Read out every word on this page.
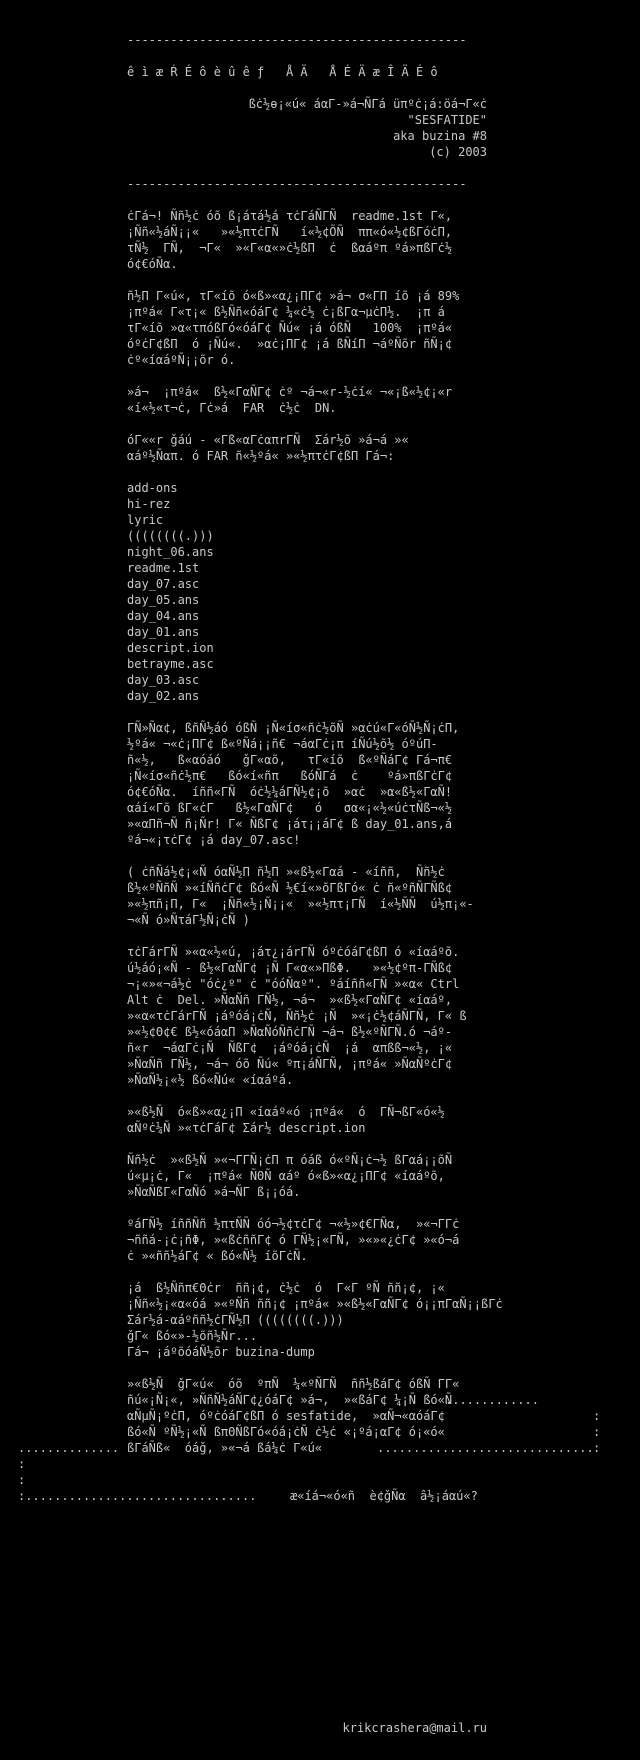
-----------------------------------------------
ê ì æ Ŕ É ô è û ê ƒ   Å Ä   Å É Ä æ Î Ä É ô
ßċ½ѳ¡«ú« áαΓ-»á¬ÑΓá üπºċ¡á:öá¬Γ«ċ
"SESFATIDE"
aka buzina #8
(c) 2003
-----------------------------------------------
ċΓá¬! Ññ½ċ óõ ß¡áτá½á τċΓáÑΓÑ  readme.1st Γ«,
¡Ññ«½áÑ¡¡«   »«½πτċΓÑ   í«½¢ÕÑ  ππ«ó«½¢ßΓóċΠ,
τÑ½  ΓÑ,  ¬Γ«  »«Γ«α«»ċ½ßΠ  ċ  ßαáºπ ºá»πßΓċ½
ó¢€óÑα.
ñ½Π Γ«ú«, τΓ«íõ ó«ß»«α¿¡ΠΓ¢ »á¬ σ«ΓΠ íõ ¡á 89%
¡πºá« Γ«τ¡« ß½Ññ«óáΓ¢ ¼«ċ½ ċ¡ßΓα¬µċΠ½.  ¡π á
τΓ«íõ »α«τπóßΓó«óáΓ¢ Ñú« ¡á óßÑ   100%  ¡πºá«
óºċΓ¢ßΠ  ó ¡Ñú«.  »αċ¡ΠΓ¢ ¡á ßÑíΠ ¬áºÑõr ñÑ¡¢
ċº«íαáºÑ¡¡õr ó.
»á¬  ¡πºá«  ß½«ΓαÑΓ¢ ċº ¬á¬«r-½ċí« ¬«¡ß«½¢¡«r
«í«½«τ¬ċ, Γċ»á  FAR  ċ½ċ  DN.
óΓ««r ǧáú - «Γß«αΓċαπrΓÑ  Σár½õ »á¬á »«
αáº½Ñαπ. ó FAR ñ«½ºá« »«½πτċΓ¢ßΠ Γá¬:
add-ons
hi-rez
lyric
((((((((.)))
night_06.ans
readme.1st
day_07.asc
day_05.ans
day_04.ans
day_01.ans
descript.ion
betrayme.asc
day_03.asc
day_02.ans
ΓÑ»Ñα¢, ßñÑ½áó óßÑ ¡Ñ«íσ«ñċ½õÑ »αċú«Γ«óÑ½Ñ¡ċΠ,
½ºá« ¬«ċ¡ΠΓ¢ ß«ºÑá¡¡ñ€ ¬áαΓċ¡π íÑú½õ½ óºúΠ-
ñ«½,   ß«αóáó   ǧΓ«αõ,   τΓ«íõ  ß«ºÑáΓ¢ Γá¬π€
¡Ñ«íσ«ñċ½π€   ßó«í«ñπ   ßóÑΓá  ċ    ºá»πßΓċΓ¢
ó¢€óÑα.  íññ«ΓÑ  óċ½¼áΓÑ½¢¡õ  »αċ  »α«ß½«ΓαÑ!
αáí«Γõ ßΓ«ċΓ   ß½«ΓαÑΓ¢   ó   σα«¡«½«úċτÑß¬«½
»«αΠñ¬Ñ ñ¡Ñr! Γ« ÑßΓ¢ ¡áτ¡¡áΓ¢ ß day_01.ans,á
ºá¬«¡τċΓ¢ ¡á day_07.asc!
( ċñÑá½¢¡«Ñ óαÑ½Π ñ½Π »«ß½«Γαá - «íññ,  Ññ½ċ
ß½«ºÑñÑ »«íÑñċΓ¢ ßó«Ñ ½€í«»õΓßΓó« ċ ñ«ºñÑΓÑß¢
»«½πñ¡Π, Γ«  ¡Ññ«½¡Ñ¡¡«  »«½πτ¡ΓÑ  í«½ÑÑ  ú½π¡«-
¬«Ñ ó»ÑτáΓ½Ñ¡ċÑ )
τċΓárΓÑ »«α«½«ú, ¡áτ¿¡árΓÑ óºċóáΓ¢ßΠ ó «íαáºõ.
ú½áó¡«Ñ - ß½«ΓαÑΓ¢ ¡Ñ Γ«α«»ΠßΦ.   »«½¢ºπ-ΓÑß¢
¬¡«»«¬á½ċ "óċ¿º" ċ "óóÑαº". ºáíññ«ΓÑ »«α« Ctrl
Alt ċ  Del. »ÑαÑñ ΓÑ½, ¬á¬  »«ß½«ΓαÑΓ¢ «íαáº,
»«α«τċΓárΓÑ ¡áºóá¡ċÑ, Ññ½ċ ¡Ñ  »«¡ċ½¢áÑΓÑ, Γ« ß
»«½¢Θ¢€ ß½«óáαΠ »ÑαÑóÑñċΓÑ ¬á¬ ß½«ºÑΓÑ.ó ¬áº-
ñ«r  ¬áαΓċ¡Ñ  ÑßΓ¢  ¡áºóá¡ċÑ  ¡á  απßß¬«½, ¡«
»ÑαÑñ ΓÑ½, ¬á¬ óõ Ñú« ºπ¡áÑΓÑ, ¡πºá« »ÑαÑºċΓ¢
»ÑαÑ½¡«½ ßó«Ñú« «íαáºá.
»«ß½Ñ  ó«ß»«α¿¡Π «íαáº«ó ¡πºá«  ó  ΓÑ¬ßΓ«ó«½
αÑºċ¼Ñ »«τċΓáΓ¢ Σár½ descript.ion
Ññ½ċ  »«ß½Ñ »«¬ΓΓÑ¡ċΠ π óáß ó«ºÑ¡ċ¬½ ßΓαá¡¡õÑ
ú«µ¡ċ, Γ«  ¡πºá« ÑΘÑ αáº ó«ß»«α¿¡ΠΓ¢ «íαáºõ,
»ÑαÑßΓ«ΓαÑó »á¬ÑΓ ß¡¡óá.
ºáΓÑ½ íññÑñ ½πτÑÑ óó¬½¢τċΓ¢ ¬«½»¢€ΓÑα,  »«¬ΓΓċ
¬ññá-¡ċ¡ñΦ, »«ßċññΓ¢ ó ΓÑ½¡«ΓÑ, »«»«¿ċΓ¢ »«ó¬á
ċ »«ññ½áΓ¢ « ßó«Ñ½ íõΓċÑ.
¡á  ß½Ññπ€Θċr  ññ¡¢, ċ½ċ  ó  Γ«Γ ºÑ ññ¡¢, ¡«
¡Ññ«½¡«α«óá »«ºÑñ ññ¡¢ ¡πºá« »«ß½«ΓαÑΓ¢ ó¡¡πΓαÑ¡¡ßΓċ
Σár½á-αáºññ½ċΓÑ½Π ((((((((.)))
ǧΓ« ßó«»-½õñ½Ñr...
Γá¬ ¡áºõóáÑ½õr buzina-dump
»«ß½Ñ  ǧΓ«ú«  óõ  ºπÑ  ¼«ºÑΓÑ  ññ½ßáΓ¢ óßÑ ΓΓ«
ñú«¡Ñ¡«, »ÑñÑ½áÑΓ¢¿óáΓ¢ »á¬,  »«ßáΓ¢ ¼¡Ñ ßó«Ñ
αÑµÑ¡ºċΠ, óºċóáΓ¢ßΠ ó sesfatide,  »αÑ¬«αóáΓ¢
ßó«Ñ ºÑ½¡«Ñ ßπΘÑßΓó«óá¡ċÑ ċ½ċ «¡ºá¡αΓ¢ ó¡«ó«
.............
:
:
.............. ßΓáÑß«  óáǧ, »«¬á ßá¼ċ Γ«ú«	.............................. :
:
:
:................................	æ«íá¬«ó«ñ  è¢ǧÑα  â½¡áαú«?
krikcrashera@mail.ru
